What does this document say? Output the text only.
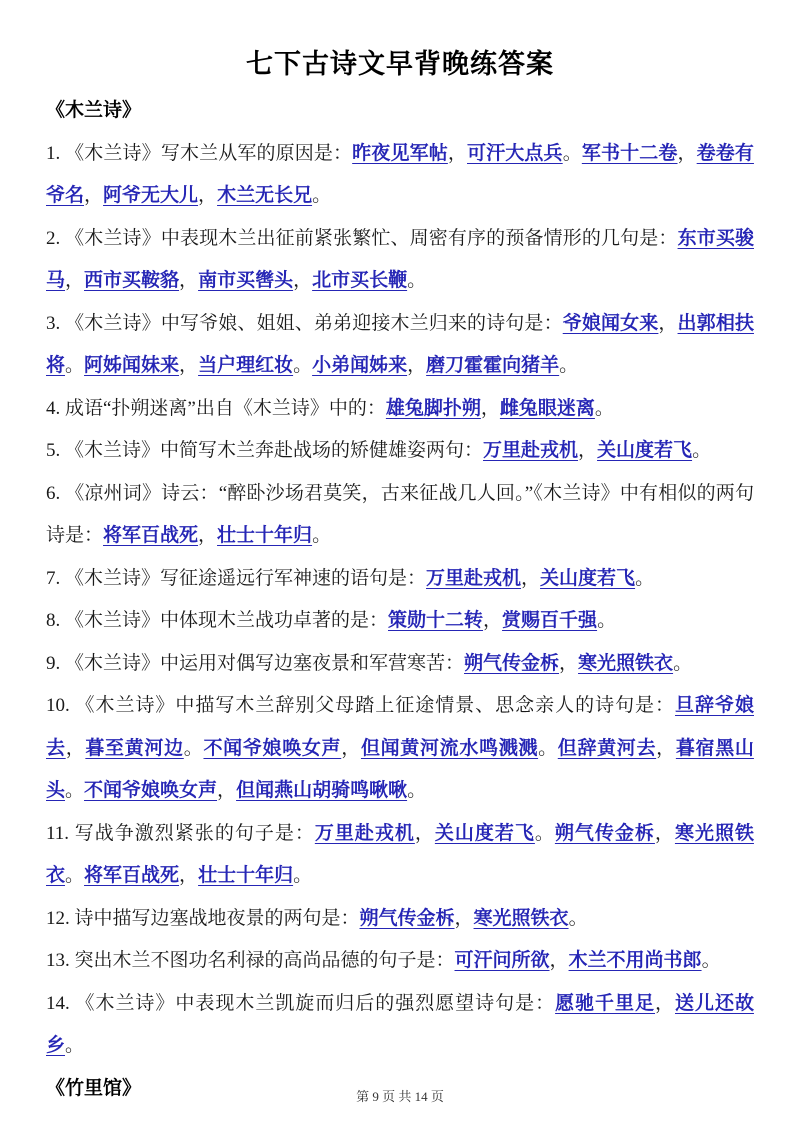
七下古诗文早背晚练答案

《木兰诗》

1. 《木兰诗》写木兰从军的原因是：昨夜见军帖，可汗大点兵。军书十二卷，卷卷有爷名，阿爷无大儿，木兰无长兄。

2. 《木兰诗》中表现木兰出征前紧张繁忙、周密有序的预备情形的几句是：东市买骏马，西市买鞍貉，南市买辔头，北市买长鞭。

3. 《木兰诗》中写爷娘、姐姐、弟弟迎接木兰归来的诗句是：爷娘闻女来，出郭相扶将。阿姊闻妹来，当户理红妆。小弟闻姊来，磨刀霍霍向猪羊。

4. 成语“扑朔迷离”出自《木兰诗》中的：雄兔脚扑朔，雌兔眼迷离。

5. 《木兰诗》中简写木兰奔赴战场的矫健雄姿两句：万里赴戎机，关山度若飞。

6. 《凉州词》诗云：“醉卧沙场君莫笑，古来征战几人回。”《木兰诗》中有相似的两句诗是：将军百战死，壮士十年归。

7. 《木兰诗》写征途遥远行军神速的语句是：万里赴戎机，关山度若飞。

8. 《木兰诗》中体现木兰战功卓著的是：策勋十二转，赏赐百千强。

9. 《木兰诗》中运用对偶写边塞夜景和军营寒苦：朔气传金柝，寒光照铁衣。

10. 《木兰诗》中描写木兰辞别父母踏上征途情景、思念亲人的诗句是：旦辞爷娘去，暮至黄河边。不闻爷娘唤女声，但闻黄河流水鸣溅溅。但辞黄河去，暮宿黑山头。不闻爷娘唤女声，但闻燕山胡骑鸣啾啾。

11. 写战争激烈紧张的句子是：万里赴戎机，关山度若飞。朔气传金柝，寒光照铁衣。将军百战死，壮士十年归。

12. 诗中描写边塞战地夜景的两句是：朔气传金柝，寒光照铁衣。

13. 突出木兰不图功名利禄的高尚品德的句子是：可汗问所欲，木兰不用尚书郎。

14. 《木兰诗》中表现木兰凯旋而归后的强烈愿望诗句是：愿驰千里足，送儿还故乡。

《竹里馆》	第 9 页 共 14 页
